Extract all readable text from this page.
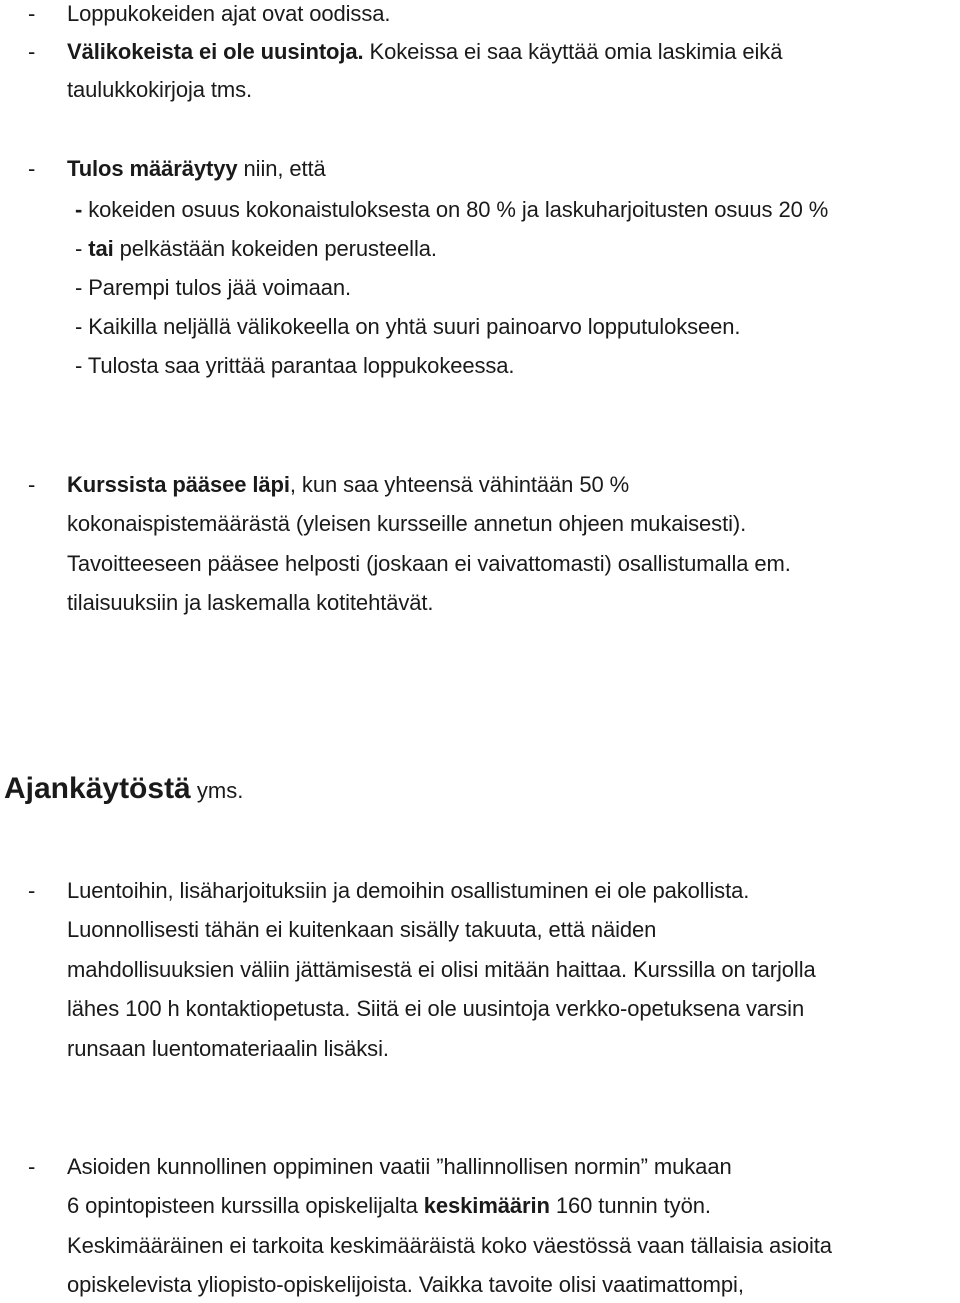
- Loppukokeiden ajat ovat oodissa.
- Välikokeista ei ole uusintoja. Kokeissa ei saa käyttää omia laskimia eikä
taulukkokirjoja tms.
- Tulos määräytyy niin, että
- kokeiden osuus kokonaistuloksesta on 80 % ja laskuharjoitusten osuus 20 %
- tai pelkästään kokeiden perusteella.
- Parempi tulos jää voimaan.
- Kaikilla neljällä välikokeella on yhtä suuri painoarvo lopputulokseen.
- Tulosta saa yrittää parantaa loppukokeessa.
- Kurssista pääsee läpi, kun saa yhteensä vähintään 50 %
kokonaispistemäärästä (yleisen kursseille annetun ohjeen mukaisesti).
Tavoitteeseen pääsee helposti (joskaan ei vaivattomasti) osallistumalla em.
tilaisuuksiin ja laskemalla kotitehtävät.
Ajankäytöstä yms.
- Luentoihin, lisäharjoituksiin ja demoihin osallistuminen ei ole pakollista.
Luonnollisesti tähän ei kuitenkaan sisälly takuuta, että näiden
mahdollisuuksien väliin jättämisestä ei olisi mitään haittaa. Kurssilla on tarjolla
lähes 100 h kontaktiopetusta. Siitä ei ole uusintoja verkko-opetuksena varsin
runsaan luentomateriaalin lisäksi.
- Asioiden kunnollinen oppiminen vaatii ”hallinnollisen normin” mukaan
6 opintopisteen kurssilla opiskelijalta keskimäärin 160 tunnin työn.
Keskimääräinen ei tarkoita keskimääräistä koko väestössä vaan tällaisia asioita
opiskelevista yliopisto-opiskelijoista. Vaikka tavoite olisi vaatimattompi,
